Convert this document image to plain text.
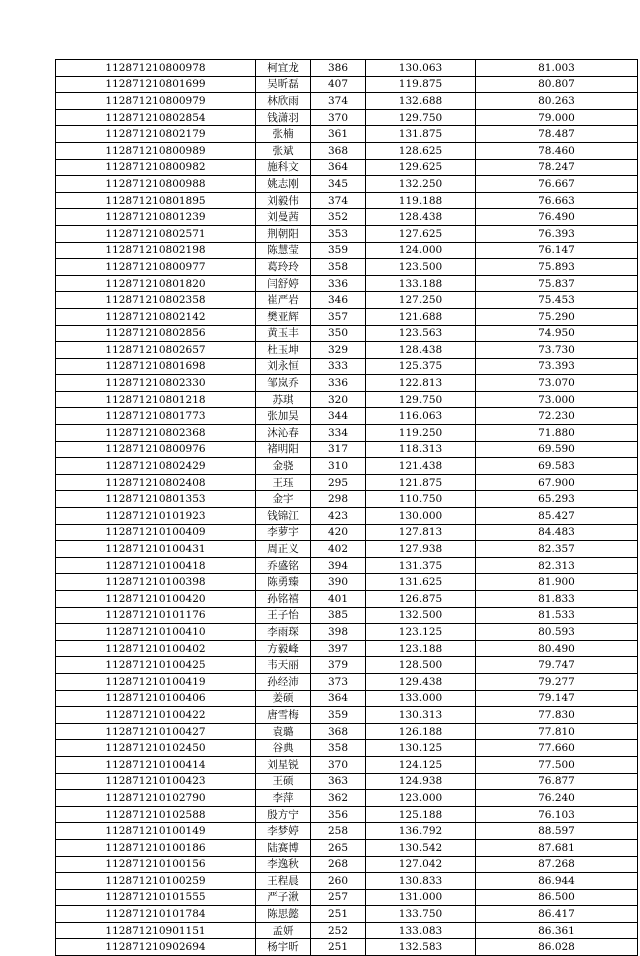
112871210800978	柯宜龙	386	130.063	81.003
112871210801699	吴昕磊	407	119.875	80.807
112871210800979	林欣雨	374	132.688	80.263
112871210802854	钱潇羽	370	129.750	79.000
112871210802179	张楠	361	131.875	78.487
112871210800989	张斌	368	128.625	78.460
112871210800982	施科文	364	129.625	78.247
112871210800988	姚志刚	345	132.250	76.667
112871210801895	刘毅伟	374	119.188	76.663
112871210801239	刘曼茜	352	128.438	76.490
112871210802571	荆朝阳	353	127.625	76.393
112871210802198	陈慧莹	359	124.000	76.147
112871210800977	葛玲玲	358	123.500	75.893
112871210801820	闫舒婷	336	133.188	75.837
112871210802358	崔严岩	346	127.250	75.453
112871210802142	樊亚辉	357	121.688	75.290
112871210802856	黄玉丰	350	123.563	74.950
112871210802657	杜玉坤	329	128.438	73.730
112871210801698	刘永恒	333	125.375	73.393
112871210802330	邹岚乔	336	122.813	73.070
112871210801218	苏琪	320	129.750	73.000
112871210801773	张加昊	344	116.063	72.230
112871210802368	沐沁春	334	119.250	71.880
112871210800976	褚明阳	317	118.313	69.590
112871210802429	金骁	310	121.438	69.583
112871210802408	王珏	295	121.875	67.900
112871210801353	金宇	298	110.750	65.293
112871210101923	钱锦江	423	130.000	85.427
112871210100409	李萝宇	420	127.813	84.483
112871210100431	周正义	402	127.938	82.357
112871210100418	乔盛铭	394	131.375	82.313
112871210100398	陈勇臻	390	131.625	81.900
112871210100420	孙铭禧	401	126.875	81.833
112871210101176	王子怡	385	132.500	81.533
112871210100410	李雨琛	398	123.125	80.593
112871210100402	方毅峰	397	123.188	80.490
112871210100425	韦天丽	379	128.500	79.747
112871210100419	孙经沛	373	129.438	79.277
112871210100406	姜硕	364	133.000	79.147
112871210100422	唐雪梅	359	130.313	77.830
112871210100427	袁璐	368	126.188	77.810
112871210102450	谷典	358	130.125	77.660
112871210100414	刘星锐	370	124.125	77.500
112871210100423	王硕	363	124.938	76.877
112871210102790	李萍	362	123.000	76.240
112871210102588	殷方宁	356	125.188	76.103
112871210100149	李梦婷	258	136.792	88.597
112871210100186	陆赛博	265	130.542	87.681
112871210100156	李逸秋	268	127.042	87.268
112871210100259	王程晨	260	130.833	86.944
112871210101555	严子湫	257	131.000	86.500
112871210101784	陈思懿	251	133.750	86.417
112871210901151	孟妍	252	133.083	86.361
112871210902694	杨宇昕	251	132.583	86.028
